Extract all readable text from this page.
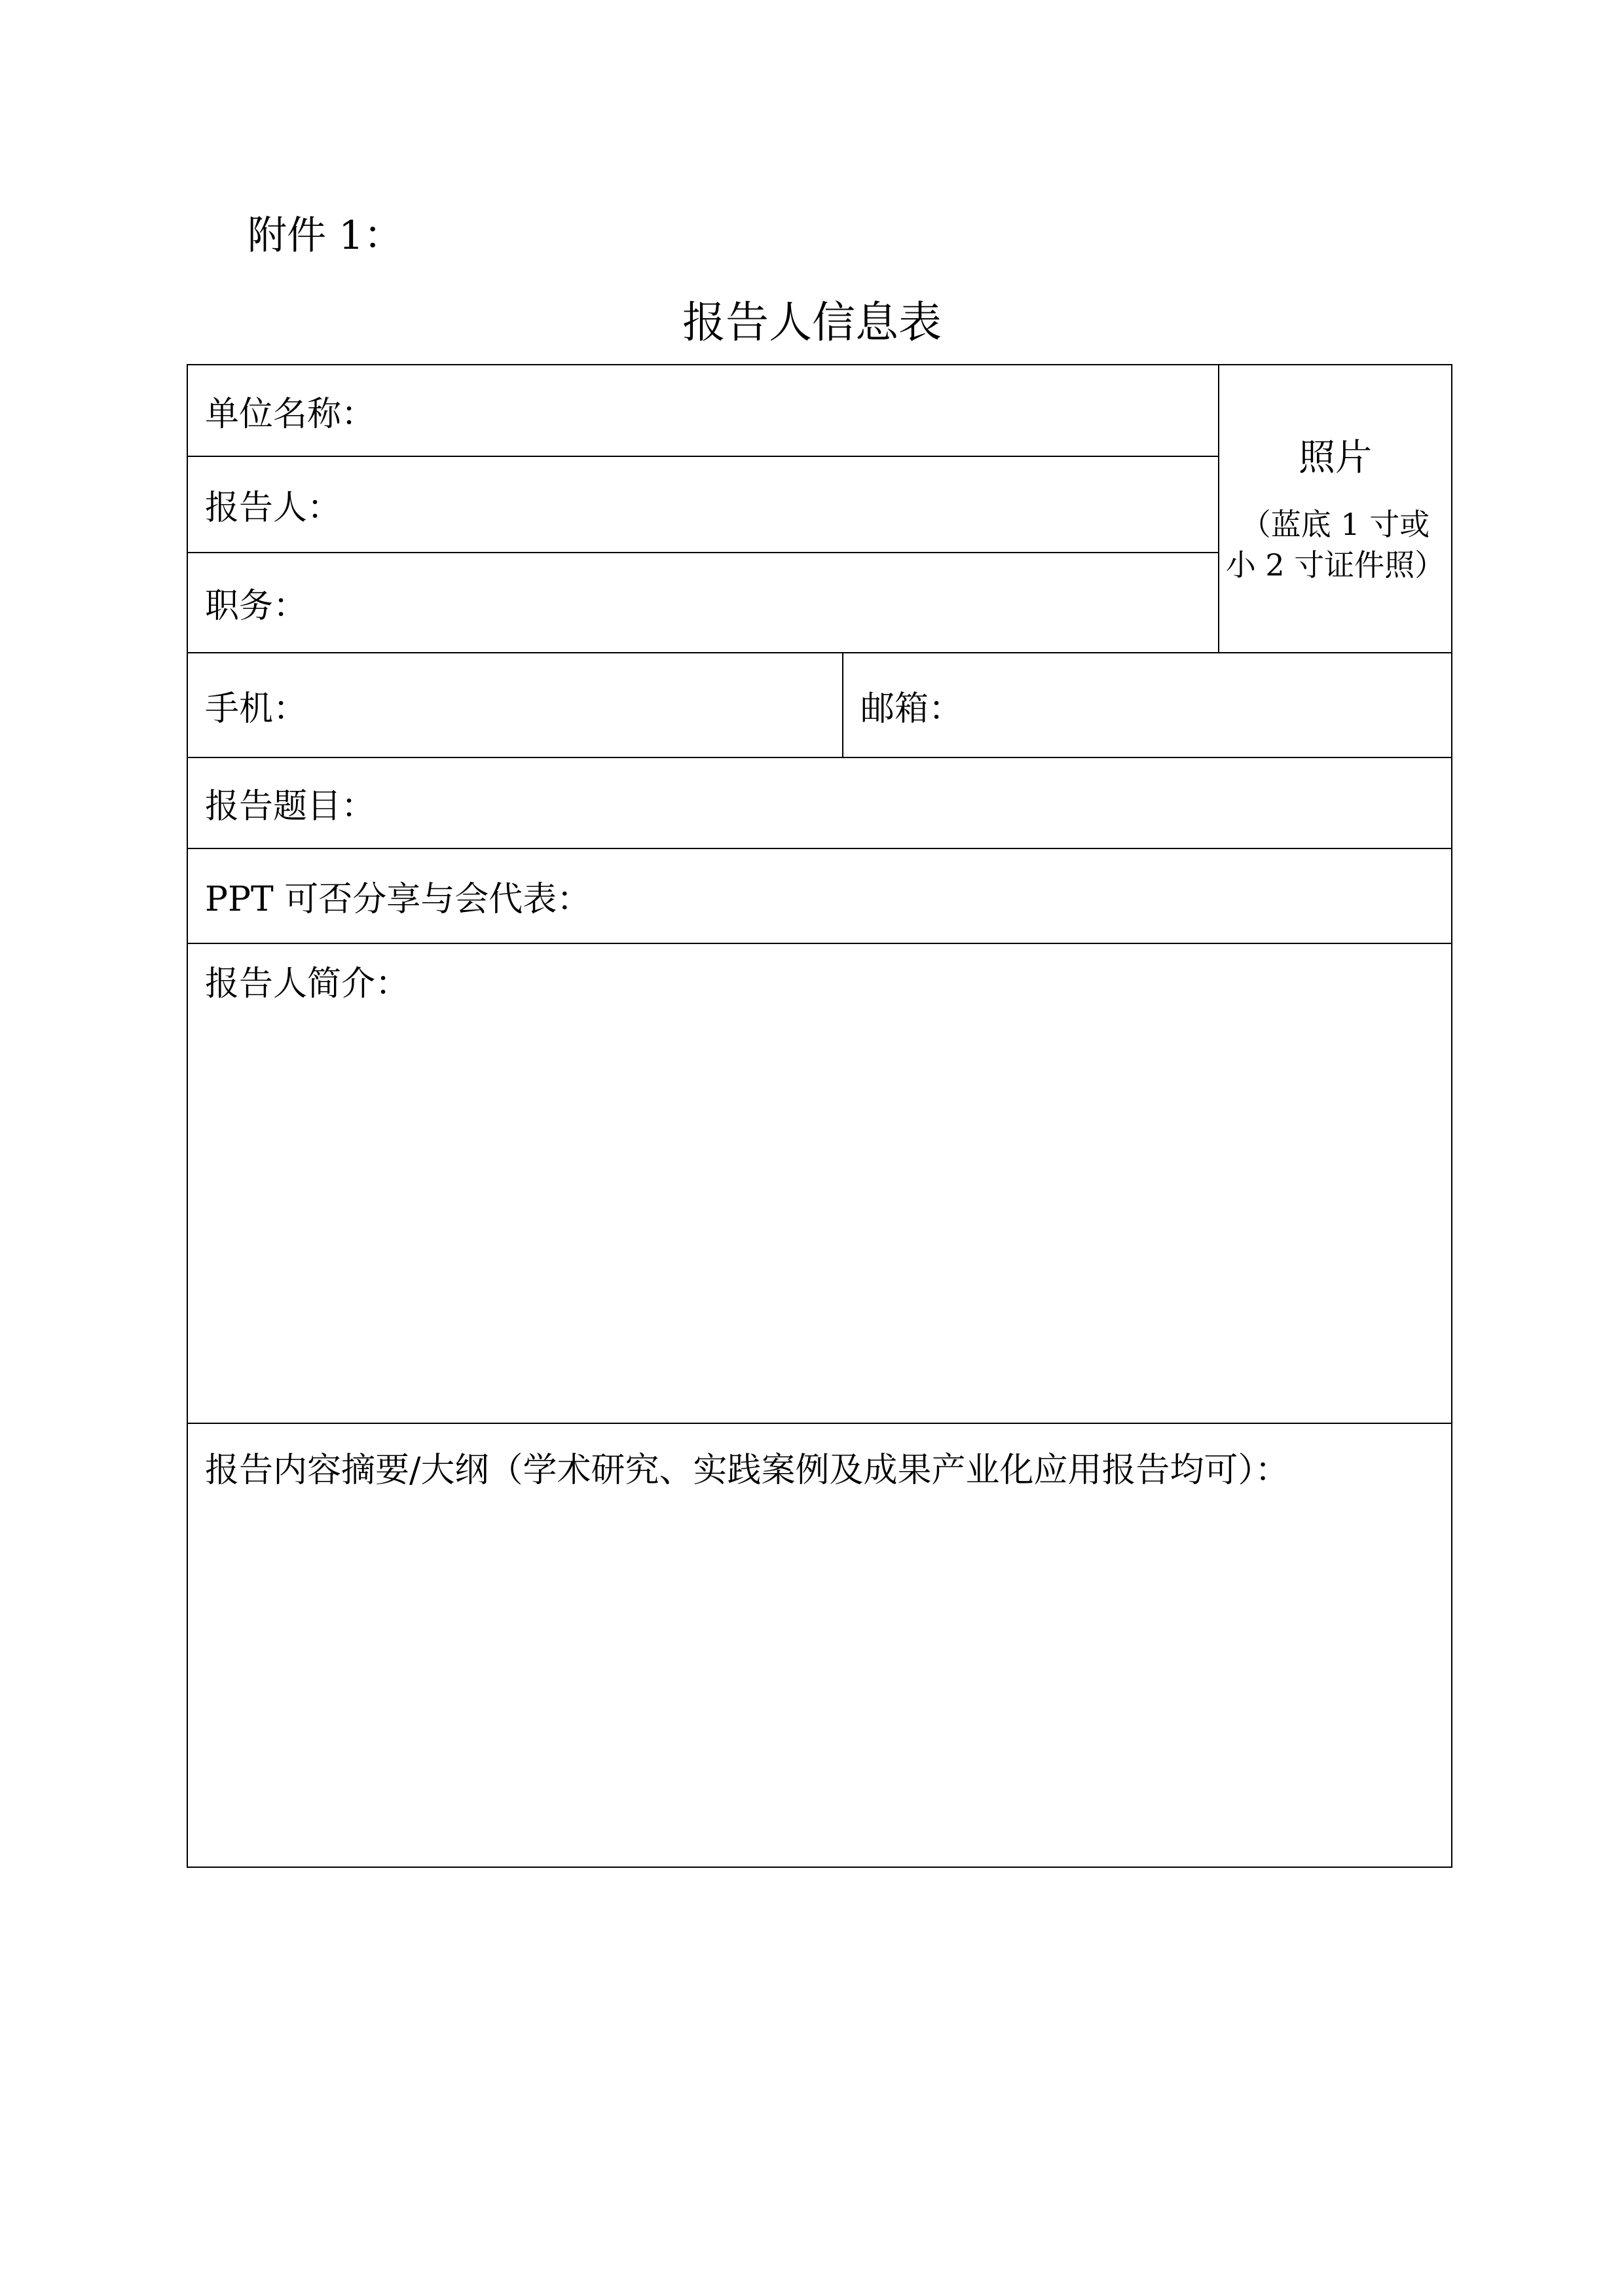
附件 1：
报告人信息表
单位名称：
报告人：
职务：
照片
（蓝底 1 寸或
小 2 寸证件照）
手机：	邮箱：
报告题目：
PPT 可否分享与会代表：
报告人简介：
报告内容摘要/大纲（学术研究、实践案例及成果产业化应用报告均可）：
